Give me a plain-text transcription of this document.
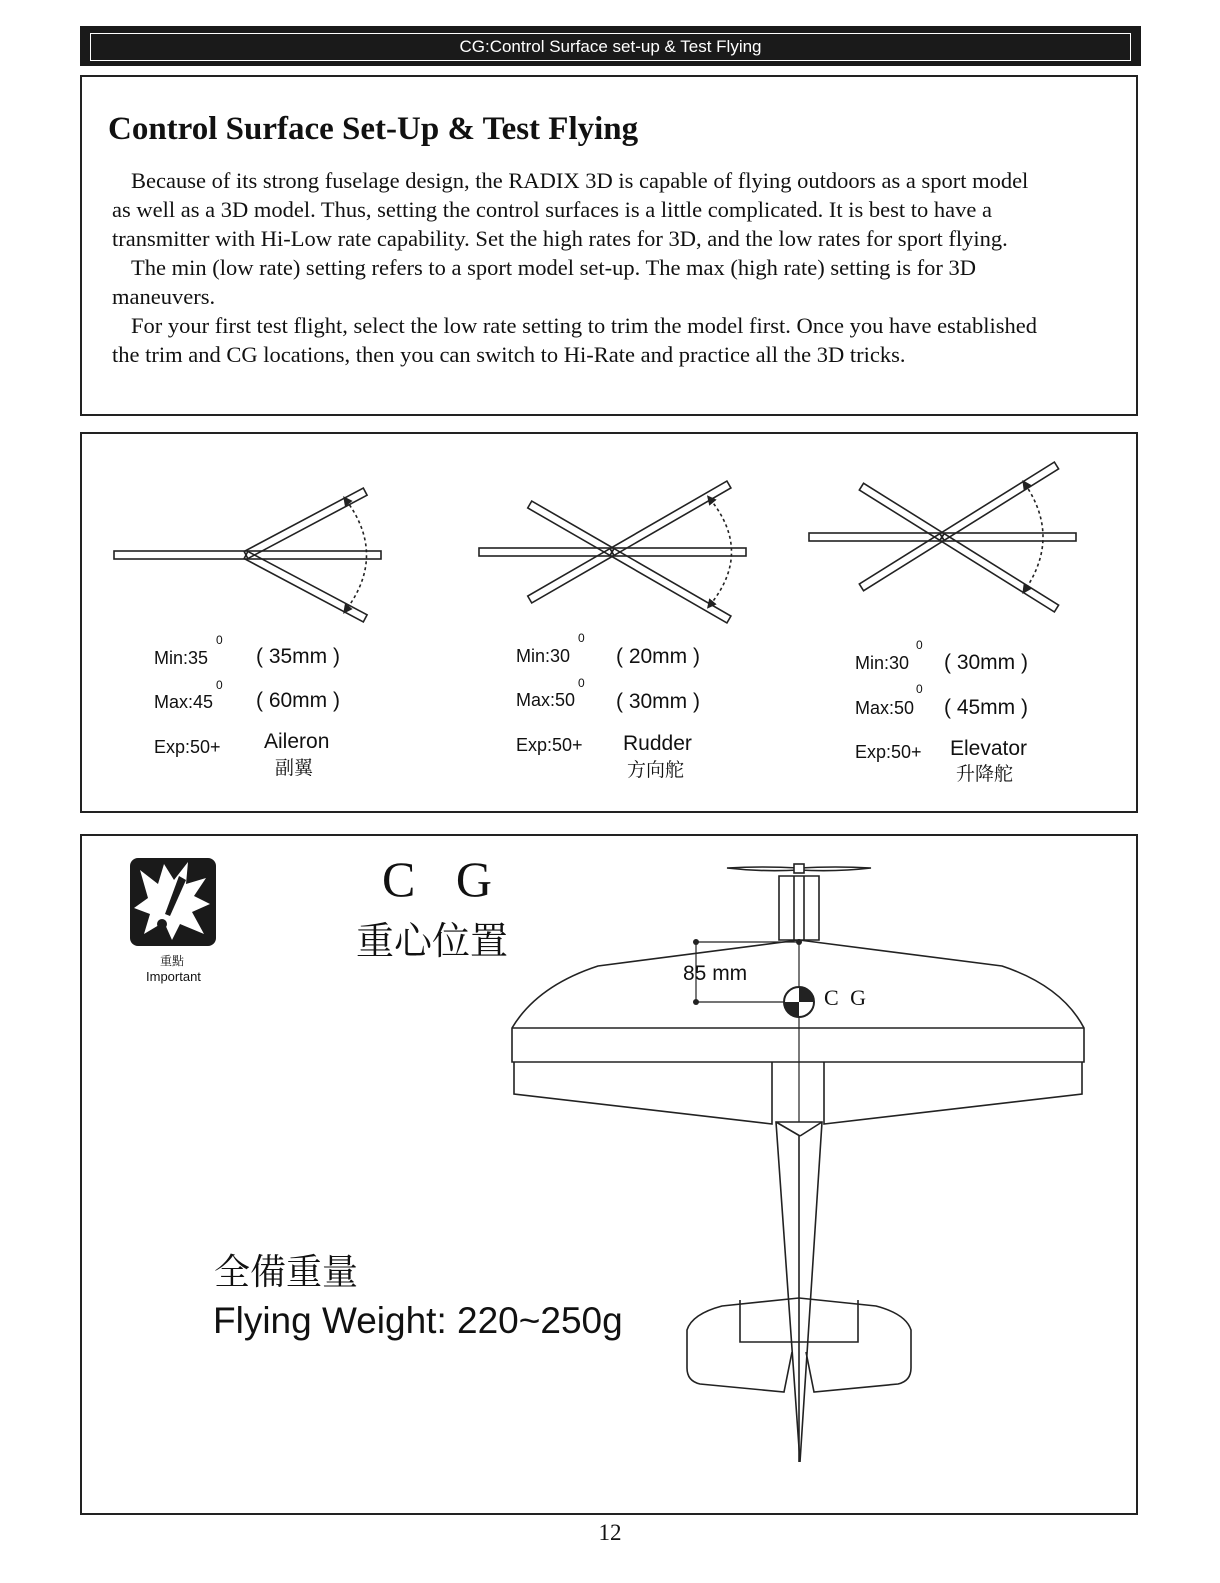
CG:Control Surface set-up & Test Flying
Control Surface Set-Up & Test Flying

Because of its strong fuselage design, the RADIX 3D is capable of flying outdoors as a sport model

as well as a 3D model. Thus, setting the control surfaces is a little complicated. It is best to have a

transmitter with Hi-Low rate capability. Set the high rates for 3D, and the low rates for sport flying.

The min (low rate) setting refers to a sport model set-up. The max (high rate) setting is for 3D

maneuvers.

For your first test flight, select the low rate setting to trim the model first. Once you have established

the trim and CG locations, then you can switch to Hi-Rate and practice all the 3D tricks.

0
Min:35 ( 35mm )
0
Max:45 ( 60mm )
Exp:50+ Aileron
副翼
0
Min:30 ( 20mm )
0
Max:50 ( 30mm )
Exp:50+ Rudder
方向舵
0
Min:30 ( 30mm )
0
Max:50 ( 45mm )
Exp:50+ Elevator
升降舵
重點
Important
C G
重心位置
85 mm
C G
全備重量
Flying Weight: 220~250g
12
